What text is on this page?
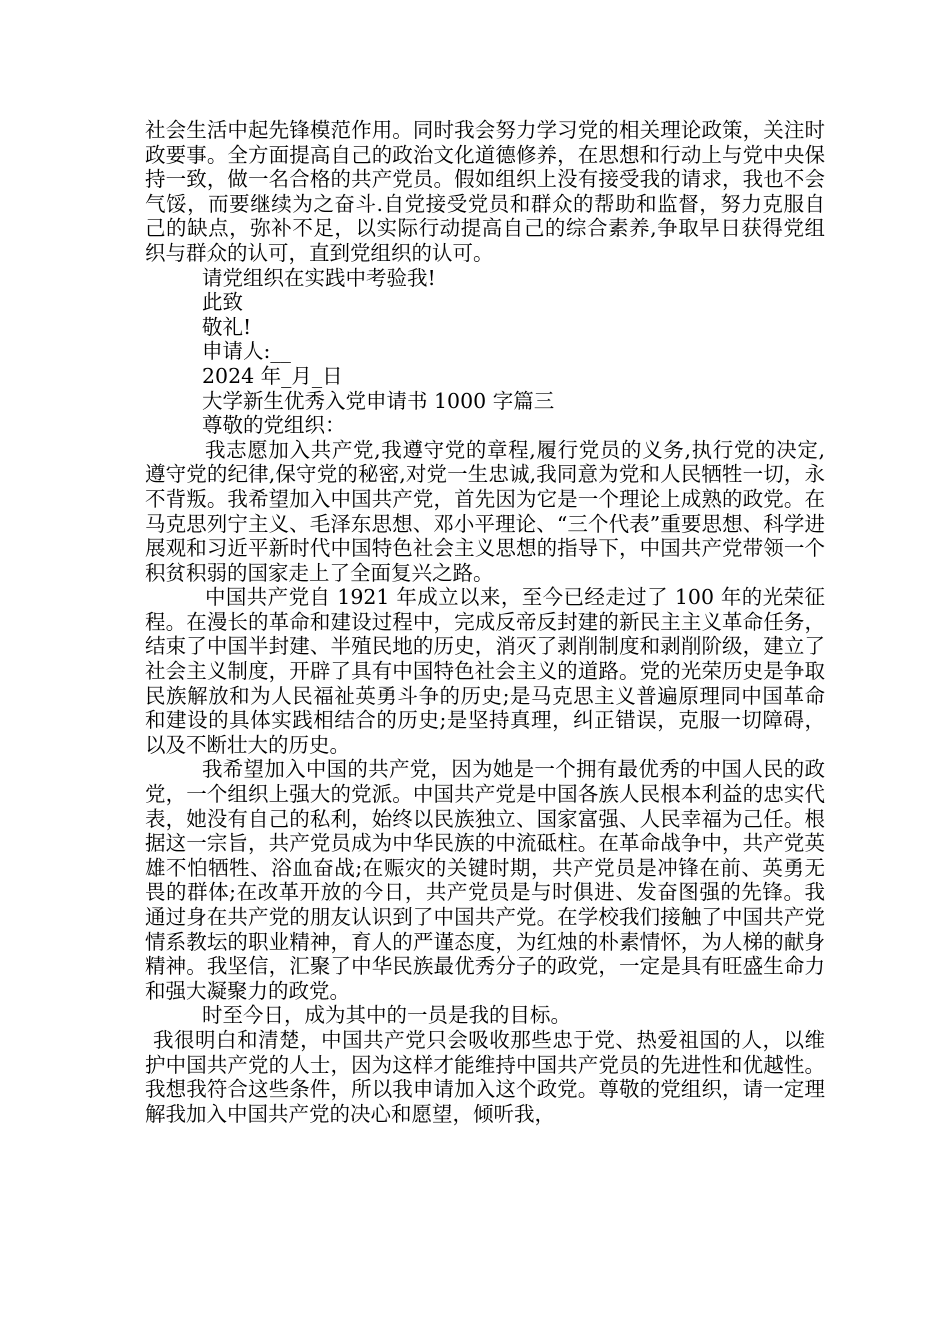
社会生活中起先锋模范作用。同时我会努力学习党的相关理论政策，关注时政要事。全方面提高自己的政治文化道德修养，在思想和行动上与党中央保持一致，做一名合格的共产党员。假如组织上没有接受我的请求，我也不会气馁，而要继续为之奋斗.自党接受党员和群众的帮助和监督，努力克服自己的缺点，弥补不足，以实际行动提高自己的综合素养,争取早日获得党组织与群众的认可，直到党组织的认可。

请党组织在实践中考验我!

此致

敬礼!

申请人:__

2024 年_月_日

大学新生优秀入党申请书 1000 字篇三

尊敬的党组织：

我志愿加入共产党,我遵守党的章程,履行党员的义务,执行党的决定,遵守党的纪律,保守党的秘密,对党一生忠诚,我同意为党和人民牺牲一切，永不背叛。我希望加入中国共产党，首先因为它是一个理论上成熟的政党。在马克思列宁主义、毛泽东思想、邓小平理论、“三个代表”重要思想、科学进展观和习近平新时代中国特色社会主义思想的指导下，中国共产党带领一个积贫积弱的国家走上了全面复兴之路。

中国共产党自 1921 年成立以来，至今已经走过了 100 年的光荣征程。在漫长的革命和建设过程中，完成反帝反封建的新民主主义革命任务，结束了中国半封建、半殖民地的历史，消灭了剥削制度和剥削阶级，建立了社会主义制度，开辟了具有中国特色社会主义的道路。党的光荣历史是争取民族解放和为人民福祉英勇斗争的历史;是马克思主义普遍原理同中国革命和建设的具体实践相结合的历史;是坚持真理，纠正错误，克服一切障碍，以及不断壮大的历史。

我希望加入中国的共产党，因为她是一个拥有最优秀的中国人民的政党，一个组织上强大的党派。中国共产党是中国各族人民根本利益的忠实代表，她没有自己的私利，始终以民族独立、国家富强、人民幸福为己任。根据这一宗旨，共产党员成为中华民族的中流砥柱。在革命战争中，共产党英雄不怕牺牲、浴血奋战;在赈灾的关键时期，共产党员是冲锋在前、英勇无畏的群体;在改革开放的今日，共产党员是与时俱进、发奋图强的先锋。我通过身在共产党的朋友认识到了中国共产党。在学校我们接触了中国共产党情系教坛的职业精神，育人的严谨态度，为红烛的朴素情怀，为人梯的献身精神。我坚信，汇聚了中华民族最优秀分子的政党，一定是具有旺盛生命力和强大凝聚力的政党。

时至今日，成为其中的一员是我的目标。

我很明白和清楚，中国共产党只会吸收那些忠于党、热爱祖国的人，以维护中国共产党的人士，因为这样才能维持中国共产党员的先进性和优越性。我想我符合这些条件，所以我申请加入这个政党。尊敬的党组织，请一定理解我加入中国共产党的决心和愿望，倾听我，
